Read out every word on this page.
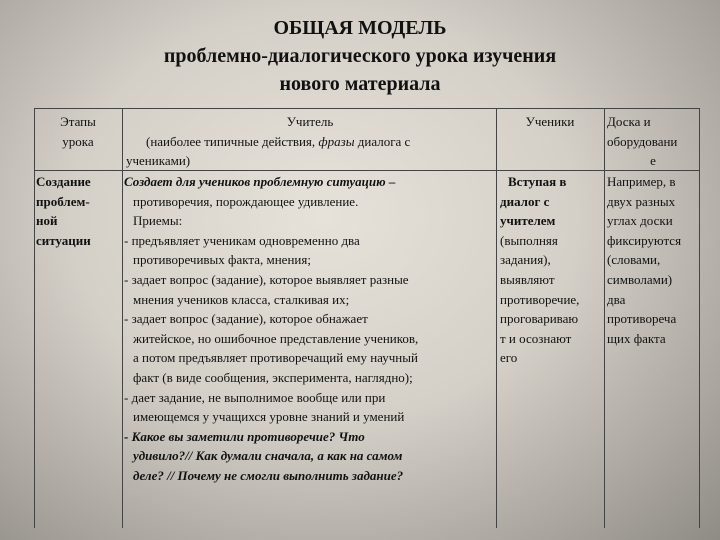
ОБЩАЯ МОДЕЛЬ
проблемно-диалогического урока изучения
нового материала
Этапы
урока
Учитель
(наиболее типичные действия, фразы диалога с
учениками)
Ученики	Доска и
оборудовани
е
Создание
проблем-
ной
ситуации
Создает для учеников проблемную ситуацию –
противоречия, порождающее удивление.
Приемы:
- предъявляет ученикам одновременно два
противоречивых факта, мнения;
- задает вопрос (задание), которое выявляет разные
мнения учеников класса, сталкивая их;
- задает вопрос (задание), которое обнажает
житейское, но ошибочное представление учеников,
а потом предъявляет противоречащий ему научный
факт (в виде сообщения, эксперимента, наглядно);
- дает задание, не выполнимое вообще или при
имеющемся у учащихся уровне знаний и умений
- Какое вы заметили противоречие? Что
удивило?// Как думали сначала, а как на самом
деле? // Почему не смогли выполнить задание?
Вступая в
диалог с
учителем
(выполняя
задания),
выявляют
противоречие,
проговариваю
т и осознают
его
Например, в
двух разных
углах доски
фиксируются
(словами,
символами)
два
противореча
щих факта
